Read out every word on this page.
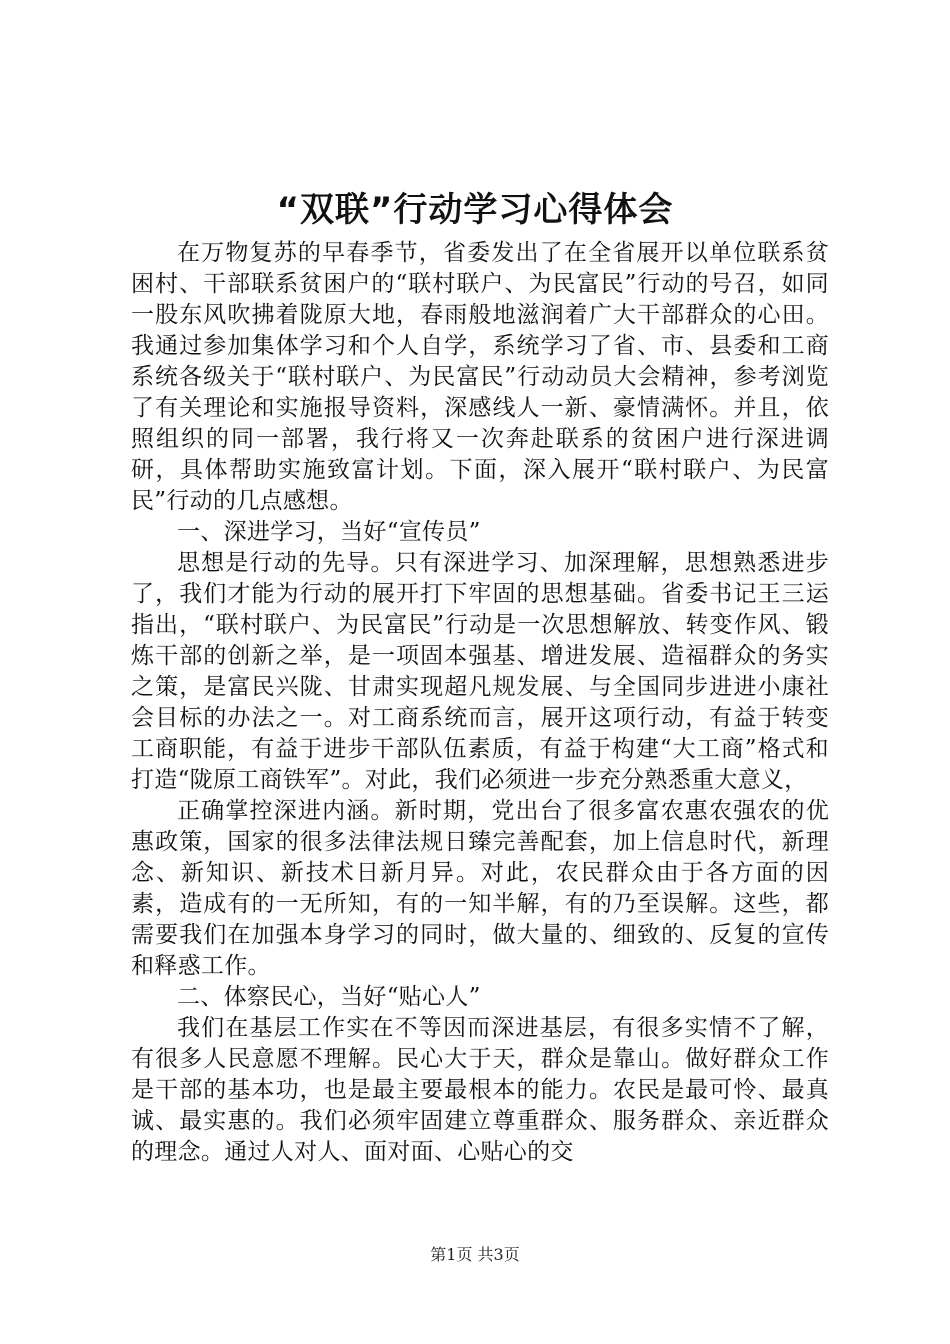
“双联”行动学习心得体会

在万物复苏的早春季节，省委发出了在全省展开以单位联系贫困村、干部联系贫困户的“联村联户、为民富民”行动的号召，如同一股东风吹拂着陇原大地，春雨般地滋润着广大干部群众的心田。我通过参加集体学习和个人自学，系统学习了省、市、县委和工商系统各级关于“联村联户、为民富民”行动动员大会精神，参考浏览了有关理论和实施报导资料，深感线人一新、豪情满怀。并且，依照组织的同一部署，我行将又一次奔赴联系的贫困户进行深进调研，具体帮助实施致富计划。下面，深入展开“联村联户、为民富民”行动的几点感想。

一、深进学习，当好“宣传员”

思想是行动的先导。只有深进学习、加深理解，思想熟悉进步了，我们才能为行动的展开打下牢固的思想基础。省委书记王三运指出，“联村联户、为民富民”行动是一次思想解放、转变作风、锻炼干部的创新之举，是一项固本强基、增进发展、造福群众的务实之策，是富民兴陇、甘肃实现超凡规发展、与全国同步进进小康社会目标的办法之一。对工商系统而言，展开这项行动，有益于转变工商职能，有益于进步干部队伍素质，有益于构建“大工商”格式和打造“陇原工商铁军”。对此，我们必须进一步充分熟悉重大意义，

正确掌控深进内涵。新时期，党出台了很多富农惠农强农的优惠政策，国家的很多法律法规日臻完善配套，加上信息时代，新理念、新知识、新技术日新月异。对此，农民群众由于各方面的因素，造成有的一无所知，有的一知半解，有的乃至误解。这些，都需要我们在加强本身学习的同时，做大量的、细致的、反复的宣传和释惑工作。

二、体察民心，当好“贴心人”

我们在基层工作实在不等因而深进基层，有很多实情不了解，有很多人民意愿不理解。民心大于天，群众是靠山。做好群众工作是干部的基本功，也是最主要最根本的能力。农民是最可怜、最真诚、最实惠的。我们必须牢固建立尊重群众、服务群众、亲近群众的理念。通过人对人、面对面、心贴心的交

第1页 共3页
